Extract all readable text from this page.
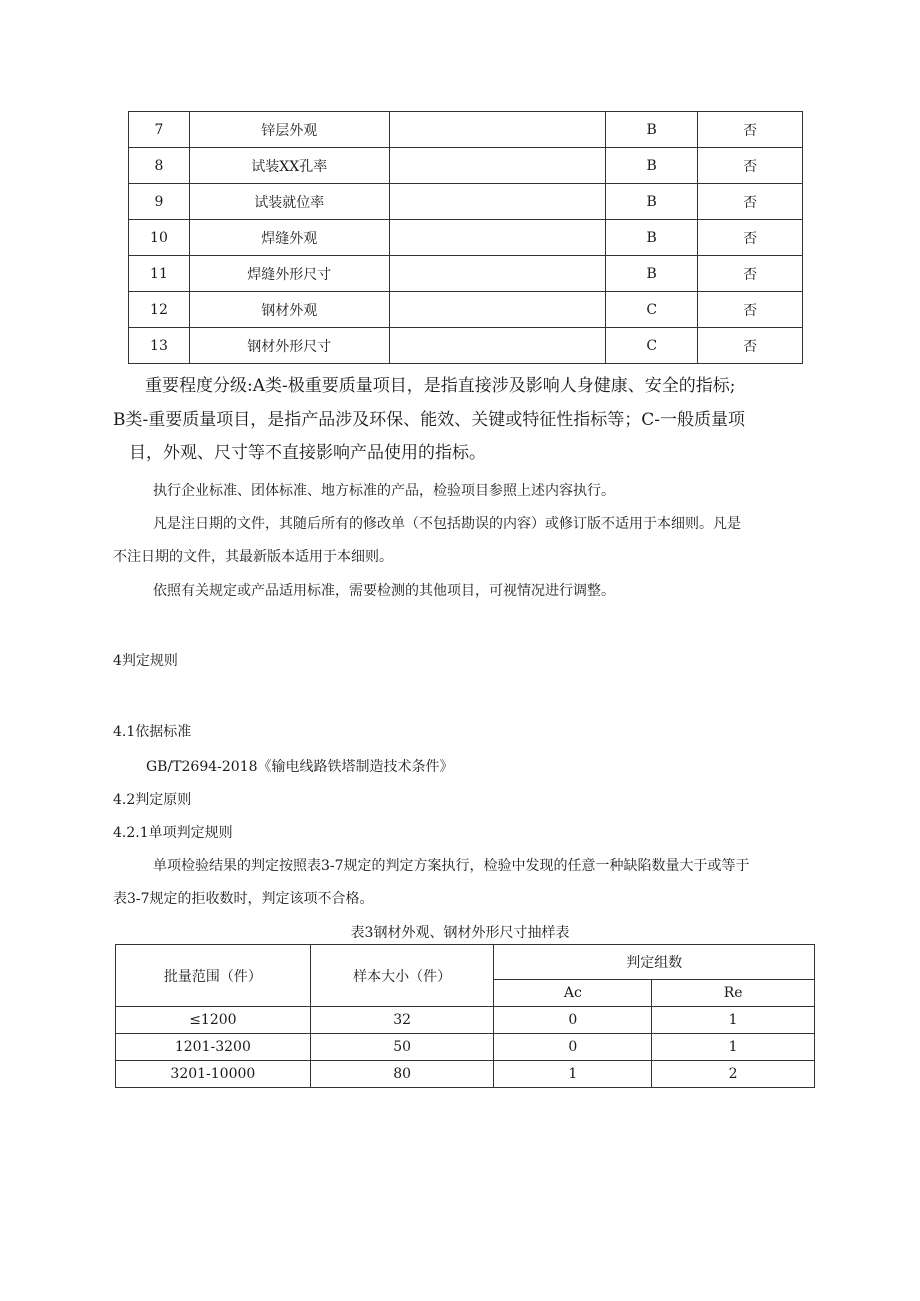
7	锌层外观		B	否
8	试装XX孔率		B	否
9	试装就位率		B	否
10	焊缝外观		B	否
11	焊缝外形尺寸		B	否
12	钢材外观		C	否
13	钢材外形尺寸		C	否
重要程度分级:A类-极重要质量项目，是指直接涉及影响人身健康、安全的指标;
B类-重要质量项目，是指产品涉及环保、能效、关键或特征性指标等；C-一般质量项
目，外观、尺寸等不直接影响产品使用的指标。
执行企业标准、团体标准、地方标准的产品，检验项目参照上述内容执行。
凡是注日期的文件，其随后所有的修改单（不包括勘误的内容）或修订版不适用于本细则。凡是
不注日期的文件，其最新版本适用于本细则。
依照有关规定或产品适用标准，需要检测的其他项目，可视情况进行调整。
4判定规则
4.1依据标准
GB/T2694-2018《输电线路铁塔制造技术条件》
4.2判定原则
4.2.1单项判定规则
单项检验结果的判定按照表3-7规定的判定方案执行，检验中发现的任意一种缺陷数量大于或等于
表3-7规定的拒收数时，判定该项不合格。
表3钢材外观、钢材外形尺寸抽样表
批量范围（件）	样本大小（件）	判定组数	
		Ac	Re
≤1200	32	0	1
1201-3200	50	0	1
3201-10000	80	1	2
